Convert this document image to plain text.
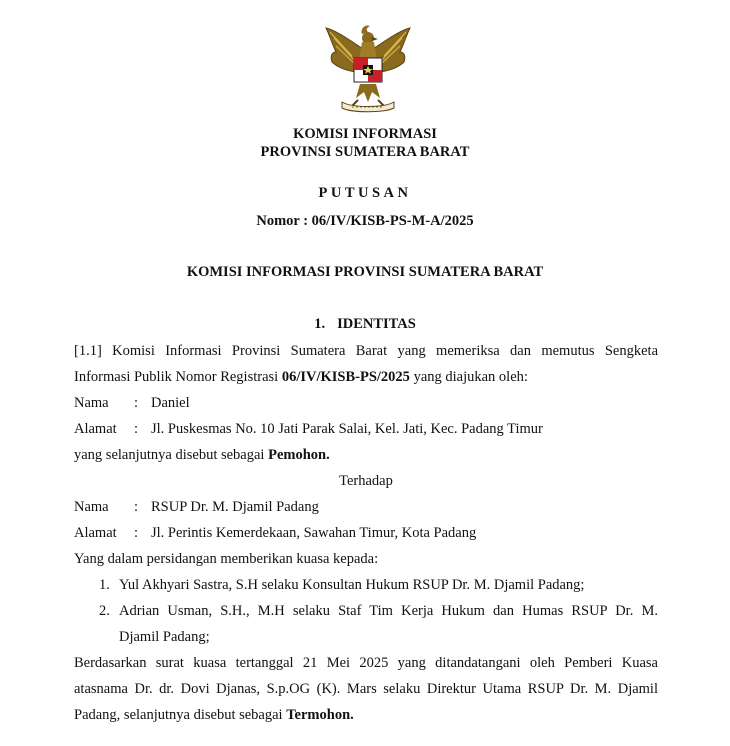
KOMISI INFORMASI
PROVINSI SUMATERA BARAT
PUTUSAN
Nomor : 06/IV/KISB-PS-M-A/2025
KOMISI INFORMASI PROVINSI SUMATERA BARAT
1. IDENTITAS
[1.1] Komisi Informasi Provinsi Sumatera Barat yang memeriksa dan memutus Sengketa
Informasi Publik Nomor Registrasi 06/IV/KISB-PS/2025 yang diajukan oleh:
Nama	: Daniel
Alamat	: Jl. Puskesmas No. 10 Jati Parak Salai, Kel. Jati, Kec. Padang Timur
yang selanjutnya disebut sebagai Pemohon.
Terhadap
Nama	: RSUP Dr. M. Djamil Padang
Alamat	: Jl. Perintis Kemerdekaan, Sawahan Timur, Kota Padang
Yang dalam persidangan memberikan kuasa kepada:
1. Yul Akhyari Sastra, S.H selaku Konsultan Hukum RSUP Dr. M. Djamil Padang;
2. Adrian Usman, S.H., M.H selaku Staf Tim Kerja Hukum dan Humas RSUP Dr. M.
Djamil Padang;
Berdasarkan surat kuasa tertanggal 21 Mei 2025 yang ditandatangani oleh Pemberi Kuasa
atasnama Dr. dr. Dovi Djanas, S.p.OG (K). Mars selaku Direktur Utama RSUP Dr. M. Djamil
Padang, selanjutnya disebut sebagai Termohon.
